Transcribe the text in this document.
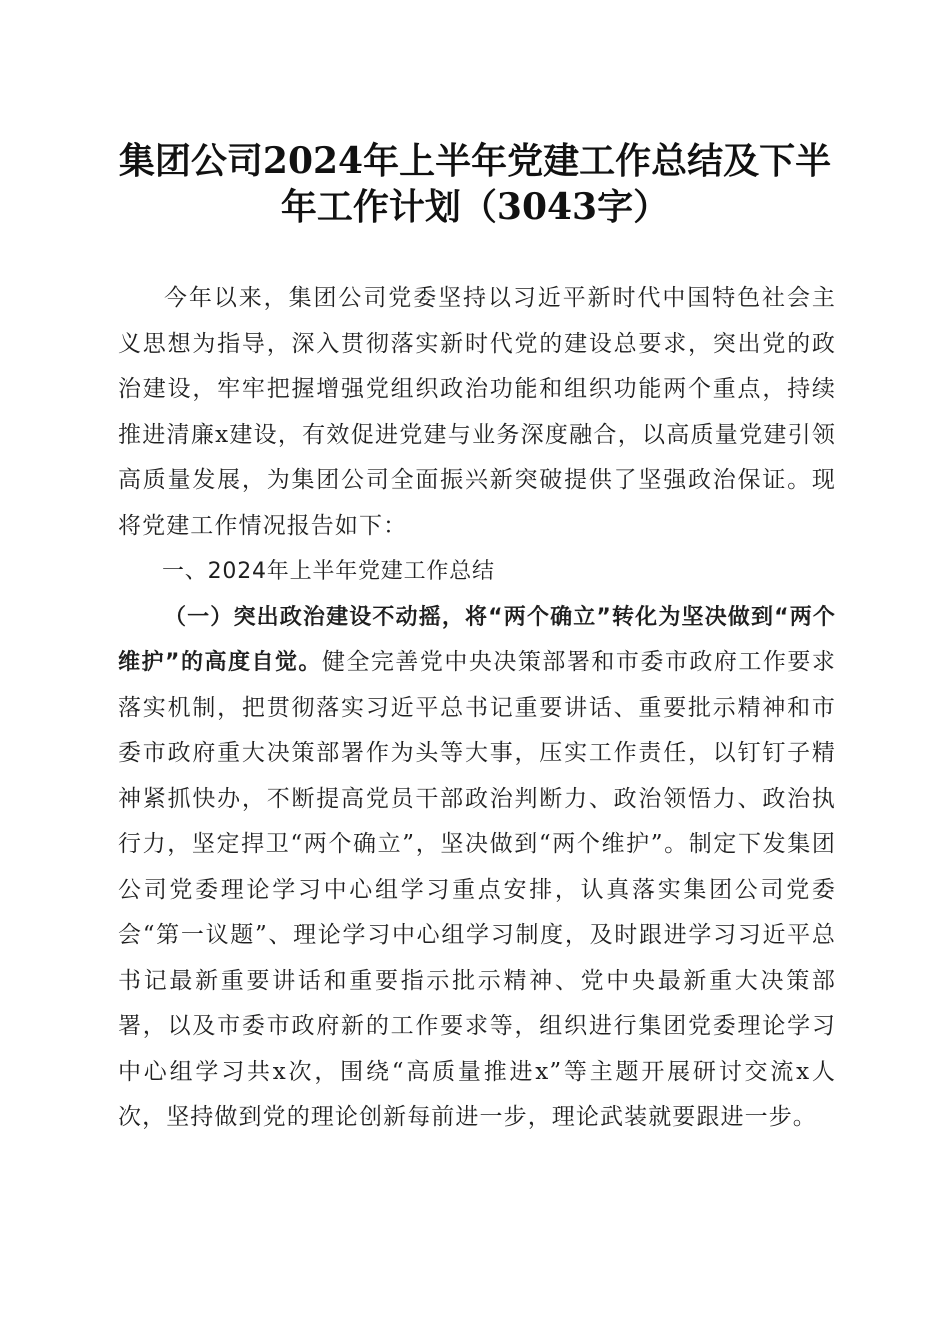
集团公司2024年上半年党建工作总结及下半
年工作计划（3043字）

今年以来，集团公司党委坚持以习近平新时代中国特色社会主义思想为指导，深入贯彻落实新时代党的建设总要求，突出党的政治建设，牢牢把握增强党组织政治功能和组织功能两个重点，持续推进清廉x建设，有效促进党建与业务深度融合，以高质量党建引领高质量发展，为集团公司全面振兴新突破提供了坚强政治保证。现将党建工作情况报告如下：

一、2024年上半年党建工作总结

（一）突出政治建设不动摇，将“两个确立”转化为坚决做到“两个维护”的高度自觉。健全完善党中央决策部署和市委市政府工作要求落实机制，把贯彻落实习近平总书记重要讲话、重要批示精神和市委市政府重大决策部署作为头等大事，压实工作责任，以钉钉子精神紧抓快办，不断提高党员干部政治判断力、政治领悟力、政治执行力，坚定捍卫“两个确立”，坚决做到“两个维护”。制定下发集团公司党委理论学习中心组学习重点安排，认真落实集团公司党委会“第一议题”、理论学习中心组学习制度，及时跟进学习习近平总书记最新重要讲话和重要指示批示精神、党中央最新重大决策部署，以及市委市政府新的工作要求等，组织进行集团党委理论学习中心组学习共x次，围绕“高质量推进x”等主题开展研讨交流x人次，坚持做到党的理论创新每前进一步，理论武装就要跟进一步。
